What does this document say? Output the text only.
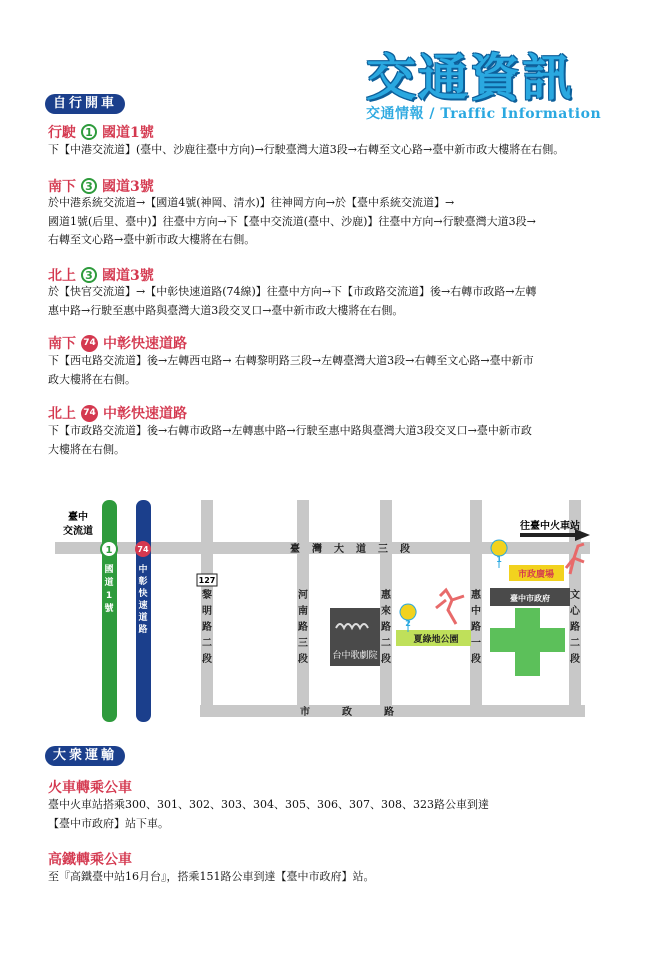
交通資訊
交通情報 / Traffic Information
自行開車
行駛 1 國道1號
下【中港交流道】(臺中、沙鹿往臺中方向)→行駛臺灣大道3段→右轉至文心路→臺中新市政大樓將在右側。
南下 3 國道3號
於中港系統交流道→【國道4號(神岡、清水)】往神岡方向→於【臺中系統交流道】→
國道1號(后里、臺中)】往臺中方向→下【臺中交流道(臺中、沙鹿)】往臺中方向→行駛臺灣大道3段→
右轉至文心路→臺中新市政大樓將在右側。
北上 3 國道3號
於【快官交流道】→【中彰快速道路(74線)】往臺中方向→下【市政路交流道】後→右轉市政路→左轉
惠中路→行駛至惠中路與臺灣大道3段交叉口→臺中新市政大樓將在右側。
南下 74 中彰快速道路
下【西屯路交流道】後→左轉西屯路→ 右轉黎明路三段→左轉臺灣大道3段→右轉至文心路→臺中新市
政大樓將在右側。
北上 74 中彰快速道路
下【市政路交流道】後→右轉市政路→左轉惠中路→行駛至惠中路與臺灣大道3段交叉口→臺中新市政
大樓將在右側。
臺中
交流道	往臺中火車站
1	74	臺 灣 大 道 三 段
市	政	路
國
道
1
號
中
彰
快
速
道
路
127
黎
明
路
二
段
河
南
路
三
段
惠
來
路
二
段
惠
中
路
一
段
文
心
路
二
段
台中歌劇院
夏綠地公園
2
臺中市政府
市政廣場
1
大衆運輸
火車轉乘公車
臺中火車站搭乘300、301、302、303、304、305、306、307、308、323路公車到達
【臺中市政府】站下車。
高鐵轉乘公車
至『高鐵臺中站16月台』，搭乘151路公車到達【臺中市政府】站。
